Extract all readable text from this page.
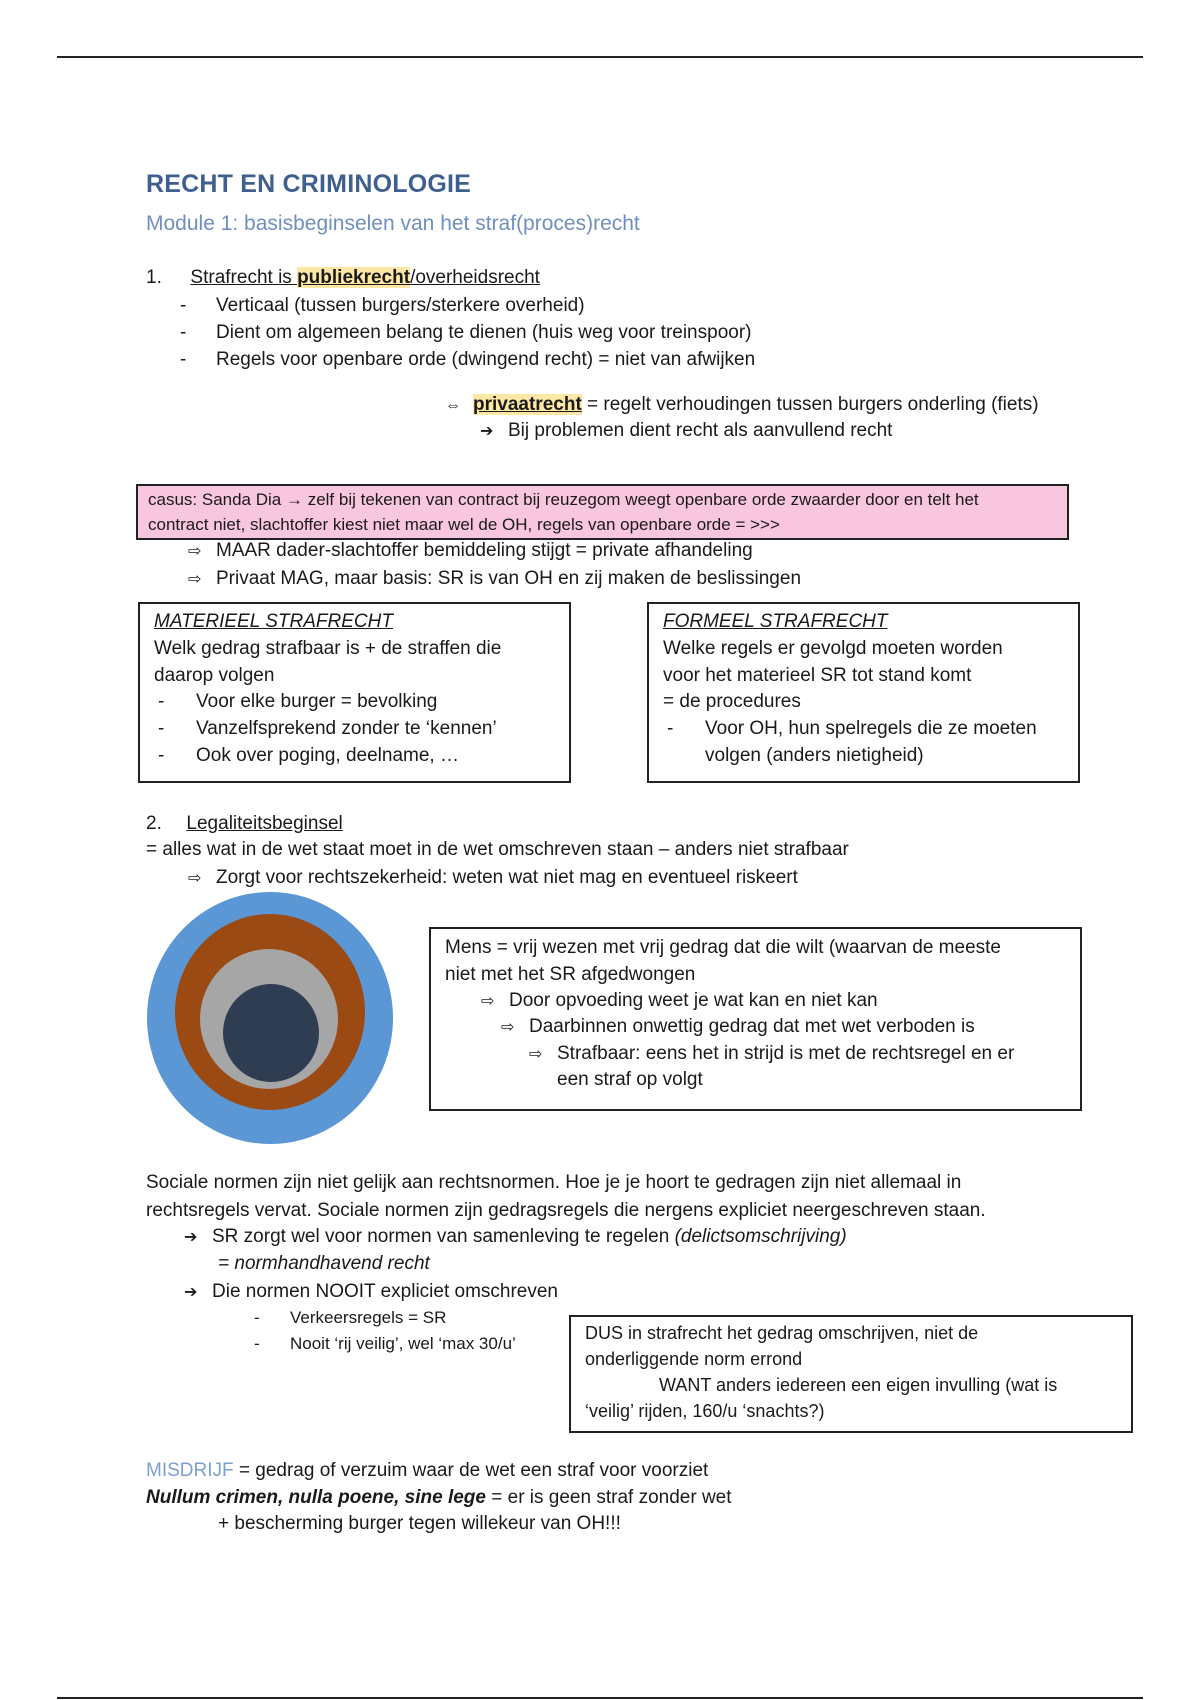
RECHT EN CRIMINOLOGIE
Module 1: basisbeginselen van het straf(proces)recht
1. Strafrecht is publiekrecht/overheidsrecht
- Verticaal (tussen burgers/sterkere overheid)
- Dient om algemeen belang te dienen (huis weg voor treinspoor)
- Regels voor openbare orde (dwingend recht) = niet van afwijken
⇔ privaatrecht = regelt verhoudingen tussen burgers onderling (fiets)
➔ Bij problemen dient recht als aanvullend recht
casus: Sanda Dia → zelf bij tekenen van contract bij reuzegom weegt openbare orde zwaarder door en telt het
contract niet, slachtoffer kiest niet maar wel de OH, regels van openbare orde = >>>
⇨ MAAR dader-slachtoffer bemiddeling stijgt = private afhandeling
⇨ Privaat MAG, maar basis: SR is van OH en zij maken de beslissingen
MATERIEEL STRAFRECHT
Welk gedrag strafbaar is + de straffen die
daarop volgen
- Voor elke burger = bevolking
- Vanzelfsprekend zonder te ‘kennen’
- Ook over poging, deelname, …
FORMEEL STRAFRECHT
Welke regels er gevolgd moeten worden
voor het materieel SR tot stand komt
= de procedures
- Voor OH, hun spelregels die ze moeten
volgen (anders nietigheid)
2. Legaliteitsbeginsel
= alles wat in de wet staat moet in de wet omschreven staan – anders niet strafbaar
⇨ Zorgt voor rechtszekerheid: weten wat niet mag en eventueel riskeert
Mens = vrij wezen met vrij gedrag dat die wilt (waarvan de meeste
niet met het SR afgedwongen
⇨ Door opvoeding weet je wat kan en niet kan
⇨ Daarbinnen onwettig gedrag dat met wet verboden is
⇨ Strafbaar: eens het in strijd is met de rechtsregel en er
een straf op volgt
Sociale normen zijn niet gelijk aan rechtsnormen. Hoe je je hoort te gedragen zijn niet allemaal in
rechtsregels vervat. Sociale normen zijn gedragsregels die nergens expliciet neergeschreven staan.
➔ SR zorgt wel voor normen van samenleving te regelen (delictsomschrijving)
= normhandhavend recht
➔ Die normen NOOIT expliciet omschreven
- Verkeersregels = SR
- Nooit ‘rij veilig’, wel ‘max 30/u’
DUS in strafrecht het gedrag omschrijven, niet de
onderliggende norm errond
WANT anders iedereen een eigen invulling (wat is
‘veilig’ rijden, 160/u ‘snachts?)
MISDRIJF = gedrag of verzuim waar de wet een straf voor voorziet
Nullum crimen, nulla poene, sine lege = er is geen straf zonder wet
+ bescherming burger tegen willekeur van OH!!!
